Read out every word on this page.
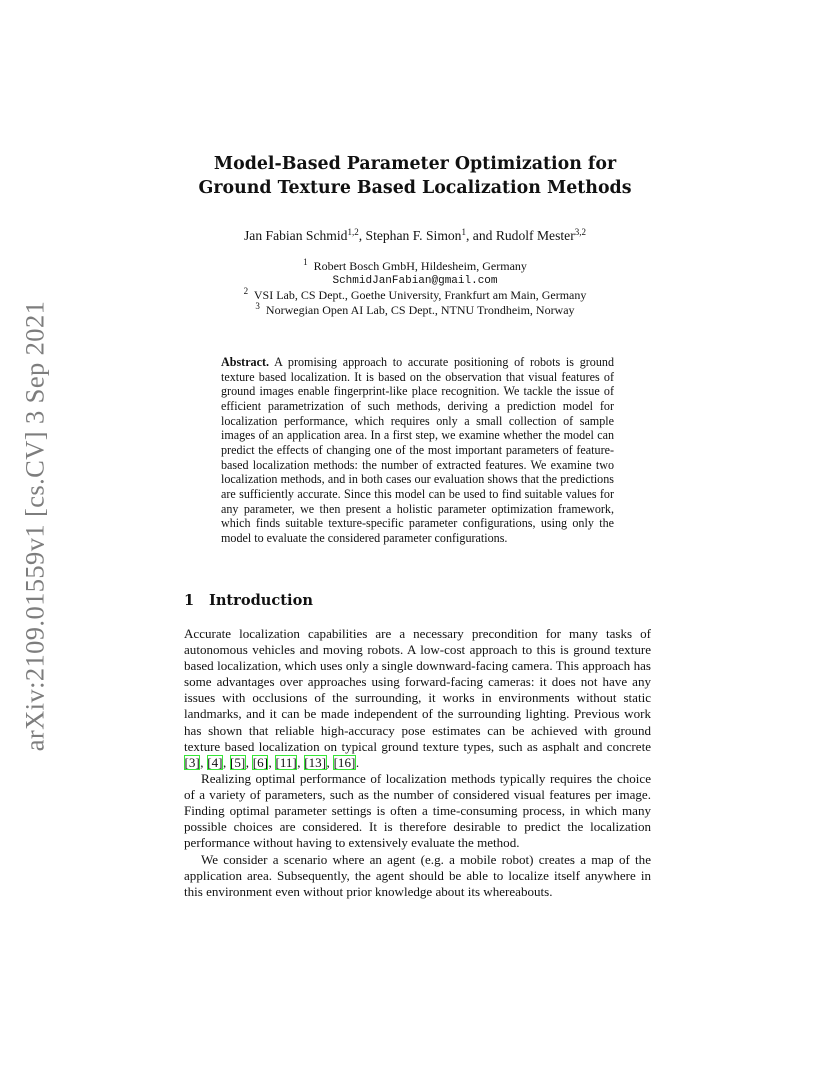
arXiv:2109.01559v1 [cs.CV] 3 Sep 2021
Model-Based Parameter Optimization for
Ground Texture Based Localization Methods
Jan Fabian Schmid$^{1,2}$, Stephan F. Simon$^1$, and Rudolf Mester$^{3,2}$
$^1$ Robert Bosch GmbH, Hildesheim, Germany
SchmidJanFabian@gmail.com
$^2$ VSI Lab, CS Dept., Goethe University, Frankfurt am Main, Germany
$^3$ Norwegian Open AI Lab, CS Dept., NTNU Trondheim, Norway
Abstract. A promising approach to accurate positioning of robots is ground texture based localization. It is based on the observation that visual features of ground images enable fingerprint-like place recognition. We tackle the issue of efficient parametrization of such methods, deriving a prediction model for localization performance, which requires only a small collection of sample images of an application area. In a first step, we examine whether the model can predict the effects of changing one of the most important parameters of feature-based localization methods: the number of extracted features. We examine two localization methods, and in both cases our evaluation shows that the predictions are sufficiently accurate. Since this model can be used to find suitable values for any parameter, we then present a holistic parameter optimization framework, which finds suitable texture-specific parameter configurations, using only the model to evaluate the considered parameter configurations.
1 Introduction
Accurate localization capabilities are a necessary precondition for many tasks of autonomous vehicles and moving robots. A low-cost approach to this is ground texture based localization, which uses only a single downward-facing camera. This approach has some advantages over approaches using forward-facing cameras: it does not have any issues with occlusions of the surrounding, it works in environments without static landmarks, and it can be made independent of the surrounding lighting. Previous work has shown that reliable high-accuracy pose estimates can be achieved with ground texture based localization on typical ground texture types, such as asphalt and concrete [3], [4], [5], [6], [11], [13], [16].
Realizing optimal performance of localization methods typically requires the choice of a variety of parameters, such as the number of considered visual features per image. Finding optimal parameter settings is often a time-consuming process, in which many possible choices are considered. It is therefore desirable to predict the localization performance without having to extensively evaluate the method.
We consider a scenario where an agent (e.g. a mobile robot) creates a map of the application area. Subsequently, the agent should be able to localize itself anywhere in this environment even without prior knowledge about its whereabouts.
